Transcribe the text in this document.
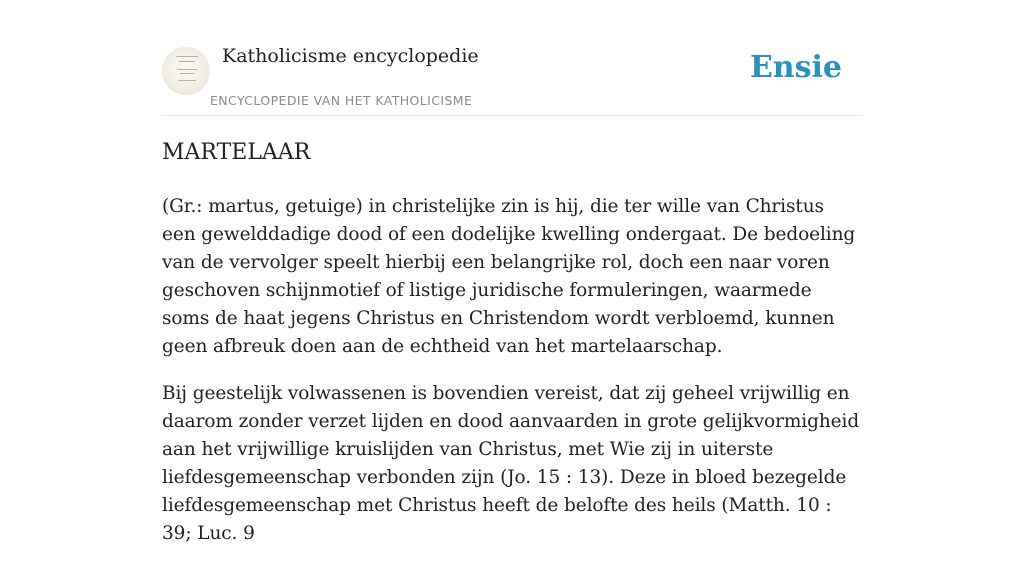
Katholicisme encyclopedie
ENCYCLOPEDIE VAN HET KATHOLICISME
Ensie
MARTELAAR

(Gr.: martus, getuige) in christelijke zin is hij, die ter wille van Christus een gewelddadige dood of een dodelijke kwelling ondergaat. De bedoeling van de vervolger speelt hierbij een belangrijke rol, doch een naar voren geschoven schijnmotief of listige juridische formuleringen, waarmede soms de haat jegens Christus en Christendom wordt verbloemd, kunnen geen afbreuk doen aan de echtheid van het martelaarschap.

Bij geestelijk volwassenen is bovendien vereist, dat zij geheel vrijwillig en daarom zonder verzet lijden en dood aanvaarden in grote gelijkvormigheid aan het vrijwillige kruislijden van Christus, met Wie zij in uiterste liefdesgemeenschap verbonden zijn (Jo. 15 : 13). Deze in bloed bezegelde liefdesgemeenschap met Christus heeft de belofte des heils (Matth. 10 : 39; Luc. 9
